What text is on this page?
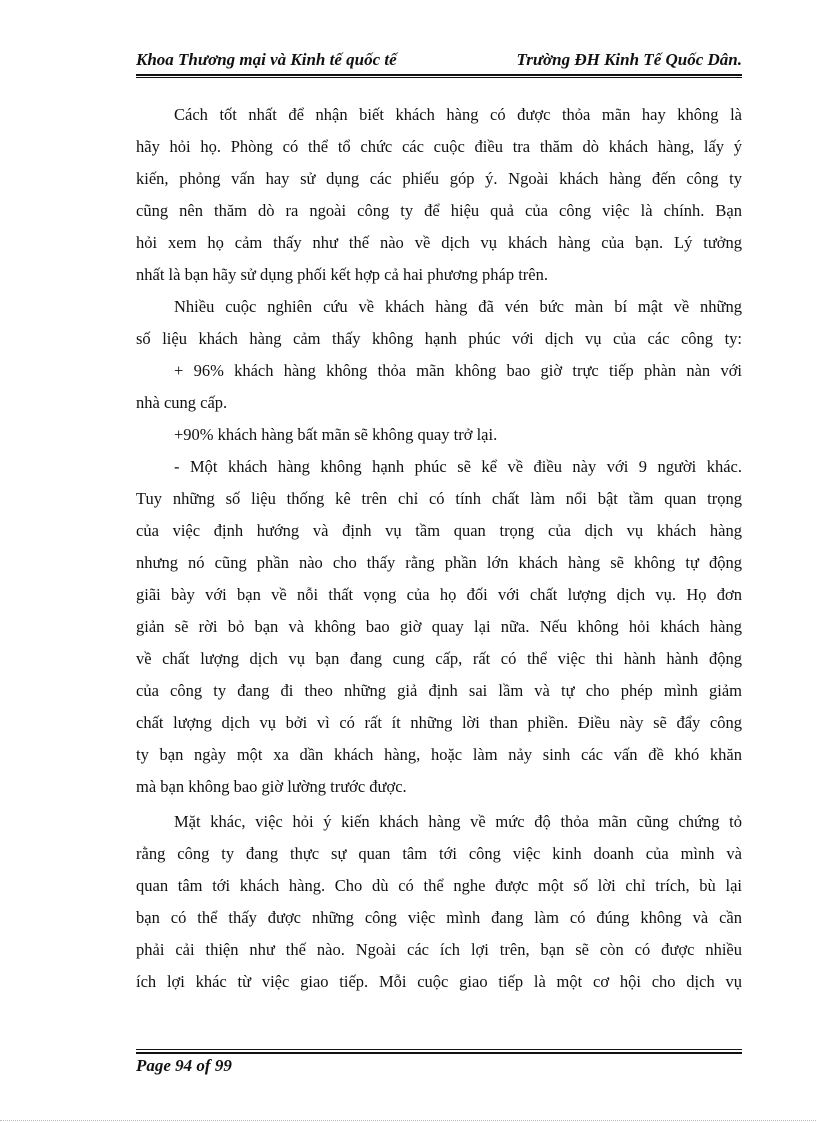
Khoa Thương mại và Kinh tế quốc tế	Trường ĐH Kinh Tế Quốc Dân.
Cách tốt nhất để nhận biết khách hàng có được thỏa mãn hay không là
hãy hỏi họ. Phòng có thể tổ chức các cuộc điều tra thăm dò khách hàng, lấy ý
kiến, phỏng vấn hay sử dụng các phiếu góp ý. Ngoài khách hàng đến công ty
cũng nên thăm dò ra ngoài công ty để hiệu quả của công việc là chính. Bạn
hỏi xem họ cảm thấy như thế nào về dịch vụ khách hàng của bạn. Lý tưởng
nhất là bạn hãy sử dụng phối kết hợp cả hai phương pháp trên.
Nhiều cuộc nghiên cứu về khách hàng đã vén bức màn bí mật về những
số liệu khách hàng cảm thấy không hạnh phúc với dịch vụ của các công ty:
+ 96% khách hàng không thỏa mãn không bao giờ trực tiếp phàn nàn với
nhà cung cấp.
+90% khách hàng bất mãn sẽ không quay trở lại.
- Một khách hàng không hạnh phúc sẽ kể về điều này với 9 người khác.
Tuy những số liệu thống kê trên chỉ có tính chất làm nổi bật tầm quan trọng
của việc định hướng và định vụ tầm quan trọng của dịch vụ khách hàng
nhưng nó cũng phần nào cho thấy rằng phần lớn khách hàng sẽ không tự động
giãi bày với bạn về nỗi thất vọng của họ đối với chất lượng dịch vụ. Họ đơn
giản sẽ rời bỏ bạn và không bao giờ quay lại nữa. Nếu không hỏi khách hàng
về chất lượng dịch vụ bạn đang cung cấp, rất có thể việc thi hành hành động
của công ty đang đi theo những giả định sai lầm và tự cho phép mình giảm
chất lượng dịch vụ bởi vì có rất ít những lời than phiền. Điều này sẽ đẩy công
ty bạn ngày một xa dần khách hàng, hoặc làm nảy sinh các vấn đề khó khăn
mà bạn không bao giờ lường trước được.
Mặt khác, việc hỏi ý kiến khách hàng về mức độ thỏa mãn cũng chứng tỏ
rằng công ty đang thực sự quan tâm tới công việc kinh doanh của mình và
quan tâm tới khách hàng. Cho dù có thể nghe được một số lời chỉ trích, bù lại
bạn có thể thấy được những công việc mình đang làm có đúng không và cần
phải cải thiện như thế nào. Ngoài các ích lợi trên, bạn sẽ còn có được nhiều
ích lợi khác từ việc giao tiếp. Mỗi cuộc giao tiếp là một cơ hội cho dịch vụ
Page 94 of 99
